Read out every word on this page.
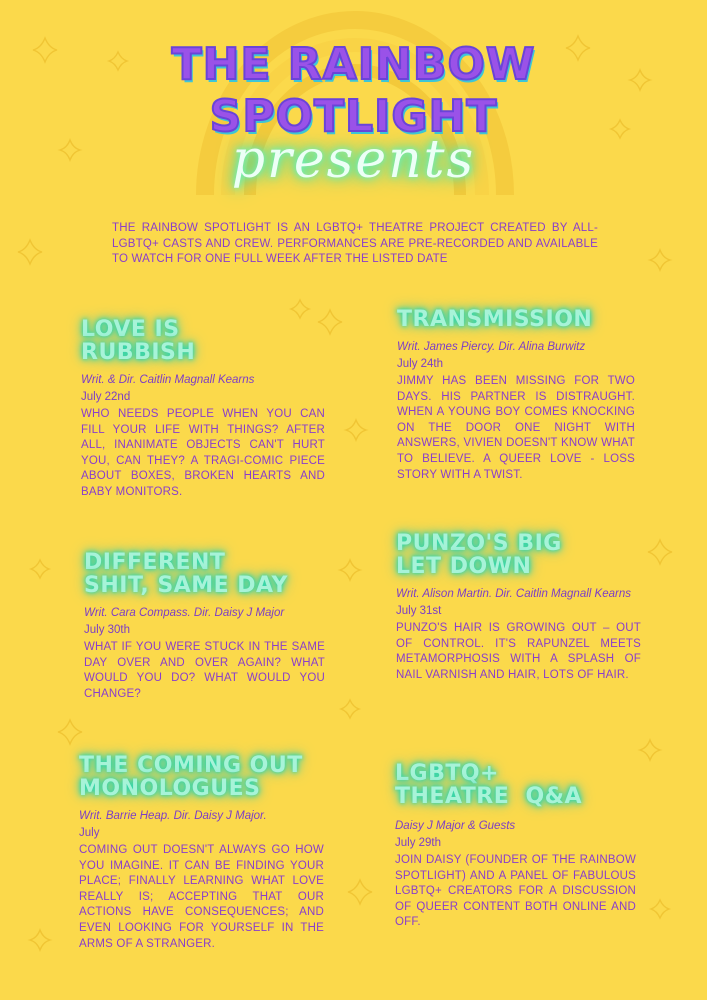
THE RAINBOW
SPOTLIGHT
presents
THE RAINBOW SPOTLIGHT IS AN LGBTQ+ THEATRE PROJECT CREATED BY ALL-LGBTQ+ CASTS AND CREW. PERFORMANCES ARE PRE-RECORDED AND AVAILABLE TO WATCH FOR ONE FULL WEEK AFTER THE LISTED DATE
LOVE IS
RUBBISH
Writ. & Dir. Caitlin Magnall Kearns
July 22nd
WHO NEEDS PEOPLE WHEN YOU CAN FILL YOUR LIFE WITH THINGS? AFTER ALL, INANIMATE OBJECTS CAN'T HURT YOU, CAN THEY? A TRAGI-COMIC PIECE ABOUT BOXES, BROKEN HEARTS AND BABY MONITORS.
TRANSMISSION
Writ. James Piercy. Dir. Alina Burwitz
July 24th
JIMMY HAS BEEN MISSING FOR TWO DAYS. HIS PARTNER IS DISTRAUGHT. WHEN A YOUNG BOY COMES KNOCKING ON THE DOOR ONE NIGHT WITH ANSWERS, VIVIEN DOESN'T KNOW WHAT TO BELIEVE. A QUEER LOVE - LOSS STORY WITH A TWIST.
DIFFERENT
SHIT, SAME DAY
Writ. Cara Compass. Dir. Daisy J Major
July 30th
WHAT IF YOU WERE STUCK IN THE SAME DAY OVER AND OVER AGAIN? WHAT WOULD YOU DO? WHAT WOULD YOU CHANGE?
PUNZO'S BIG
LET DOWN
Writ. Alison Martin. Dir. Caitlin Magnall Kearns
July 31st
PUNZO'S HAIR IS GROWING OUT – OUT OF CONTROL. IT'S RAPUNZEL MEETS METAMORPHOSIS WITH A SPLASH OF NAIL VARNISH AND HAIR, LOTS OF HAIR.
THE COMING OUT
MONOLOGUES
Writ. Barrie Heap. Dir. Daisy J Major.
July
COMING OUT DOESN'T ALWAYS GO HOW YOU IMAGINE. IT CAN BE FINDING YOUR PLACE; FINALLY LEARNING WHAT LOVE REALLY IS; ACCEPTING THAT OUR ACTIONS HAVE CONSEQUENCES; AND EVEN LOOKING FOR YOURSELF IN THE ARMS OF A STRANGER.
LGBTQ+
THEATRE  Q&A
Daisy J Major & Guests
July 29th
JOIN DAISY (FOUNDER OF THE RAINBOW SPOTLIGHT) AND A PANEL OF FABULOUS LGBTQ+ CREATORS FOR A DISCUSSION OF QUEER CONTENT BOTH ONLINE AND OFF.
